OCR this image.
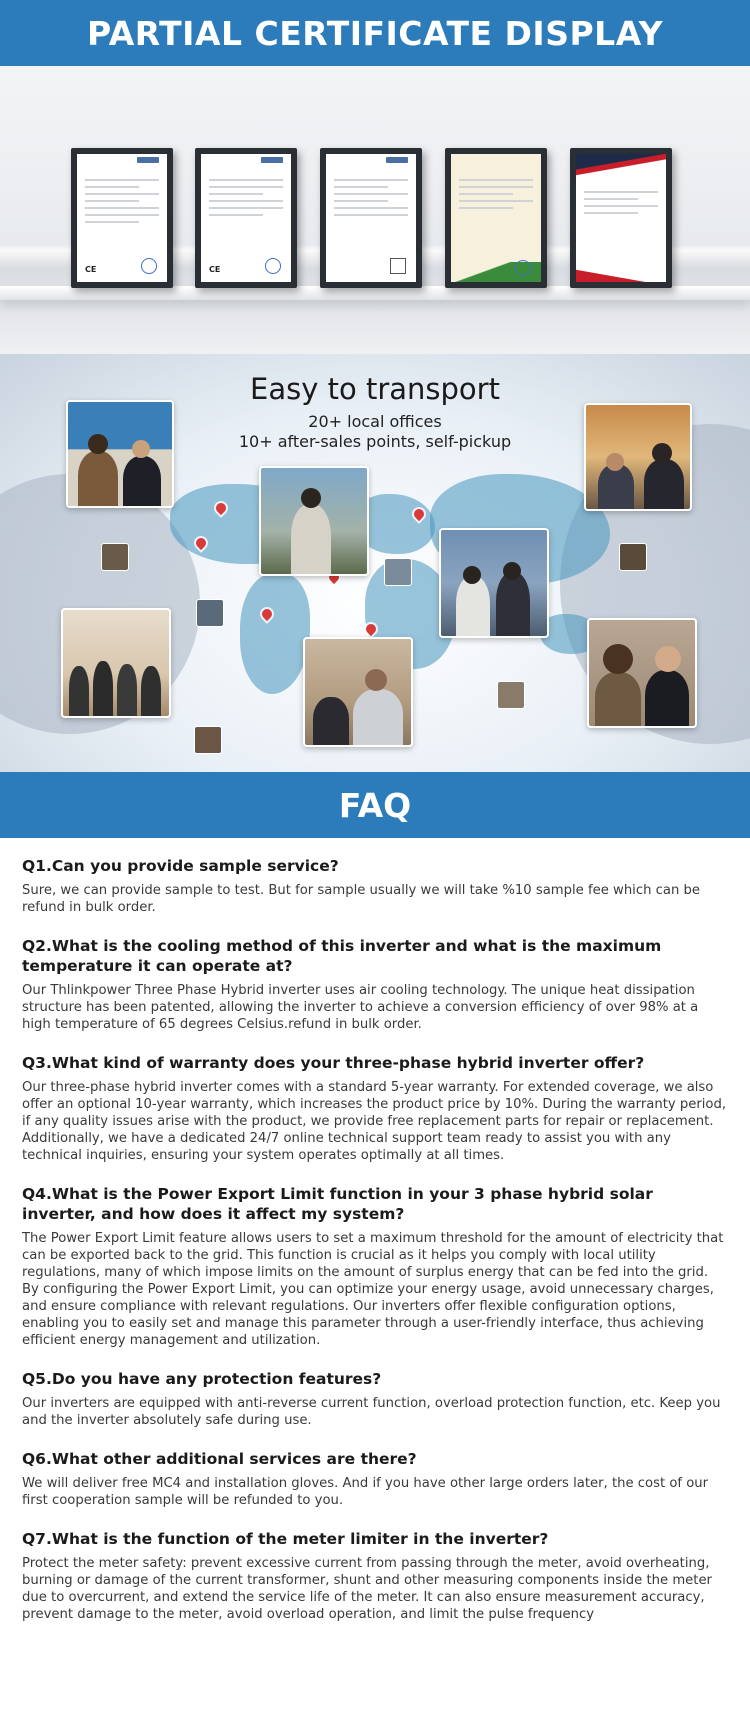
PARTIAL CERTIFICATE DISPLAY

CE
	CE

Easy to transport
20+ local offices
10+ after-sales points, self-pickup
FAQ
Q1.Can you provide sample service?
Sure, we can provide sample to test. But for sample usually we will take %10 sample fee which can be refund in bulk order.
Q2.What is the cooling method of this inverter and what is the maximum temperature it can operate at?
Our Thlinkpower Three Phase Hybrid inverter uses air cooling technology. The unique heat dissipation structure has been patented, allowing the inverter to achieve a conversion efficiency of over 98% at a high temperature of 65 degrees Celsius.refund in bulk order.
Q3.What kind of warranty does your three-phase hybrid inverter offer?
Our three-phase hybrid inverter comes with a standard 5-year warranty. For extended coverage, we also offer an optional 10-year warranty, which increases the product price by 10%. During the warranty period, if any quality issues arise with the product, we provide free replacement parts for repair or replacement. Additionally, we have a dedicated 24/7 online technical support team ready to assist you with any technical inquiries, ensuring your system operates optimally at all times.
Q4.What is the Power Export Limit function in your 3 phase hybrid solar inverter, and how does it affect my system?
The Power Export Limit feature allows users to set a maximum threshold for the amount of electricity that can be exported back to the grid. This function is crucial as it helps you comply with local utility regulations, many of which impose limits on the amount of surplus energy that can be fed into the grid. By configuring the Power Export Limit, you can optimize your energy usage, avoid unnecessary charges, and ensure compliance with relevant regulations. Our inverters offer flexible configuration options, enabling you to easily set and manage this parameter through a user-friendly interface, thus achieving efficient energy management and utilization.
Q5.Do you have any protection features?
Our inverters are equipped with anti-reverse current function, overload protection function, etc. Keep you and the inverter absolutely safe during use.
Q6.What other additional services are there?
We will deliver free MC4 and installation gloves. And if you have other large orders later, the cost of our first cooperation sample will be refunded to you.
Q7.What is the function of the meter limiter in the inverter?
Protect the meter safety: prevent excessive current from passing through the meter, avoid overheating, burning or damage of the current transformer, shunt and other measuring components inside the meter due to overcurrent, and extend the service life of the meter. It can also ensure measurement accuracy, prevent damage to the meter, avoid overload operation, and limit the pulse frequency
